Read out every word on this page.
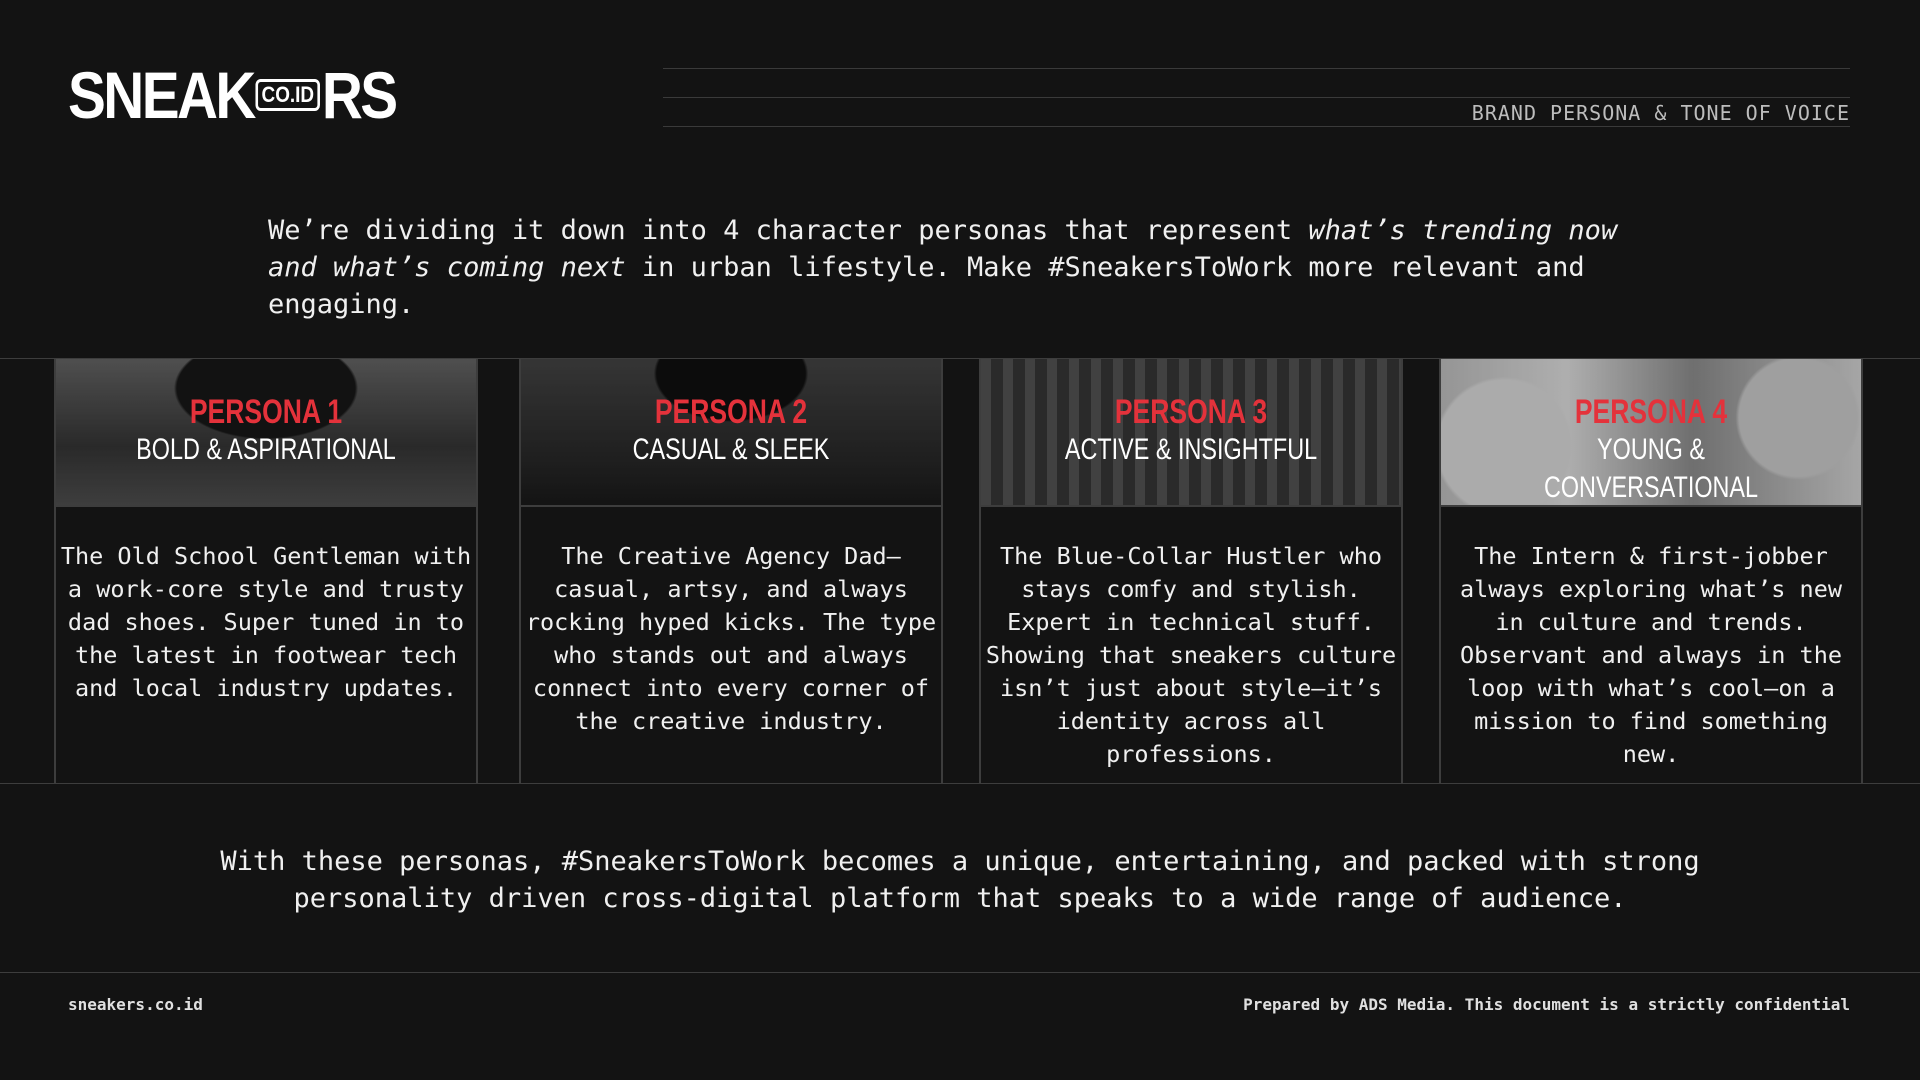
SNEAK CO.ID RS	BRAND PERSONA & TONE OF VOICE
We’re dividing it down into 4 character personas that represent what’s trending now and what’s coming next in urban lifestyle. Make #SneakersToWork more relevant and engaging.
PERSONA 1
BOLD & ASPIRATIONAL
The Old School Gentleman with a work-core style and trusty dad shoes. Super tuned in to the latest in footwear tech and local industry updates.
PERSONA 2
CASUAL & SLEEK
The Creative Agency Dad—casual, artsy, and always rocking hyped kicks. The type who stands out and always connect into every corner of the creative industry.
PERSONA 3
ACTIVE & INSIGHTFUL
The Blue-Collar Hustler who stays comfy and stylish. Expert in technical stuff. Showing that sneakers culture isn’t just about style—it’s identity across all professions.
PERSONA 4
YOUNG & CONVERSATIONAL
The Intern & first-jobber always exploring what’s new in culture and trends. Observant and always in the loop with what’s cool—on a mission to find something new.
With these personas, #SneakersToWork becomes a unique, entertaining, and packed with strong personality driven cross-digital platform that speaks to a wide range of audience.
sneakers.co.id	Prepared by ADS Media. This document is a strictly confidential
